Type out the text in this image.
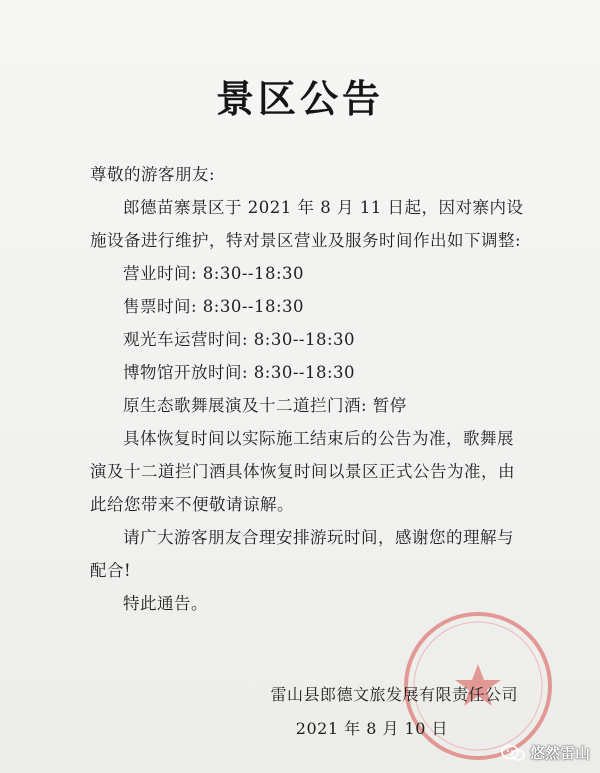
景区公告

尊敬的游客朋友:

郎德苗寨景区于 2021 年 8 月 11 日起，因对寨内设施设备进行维护，特对景区营业及服务时间作出如下调整:

营业时间: 8:30--18:30

售票时间: 8:30--18:30

观光车运营时间: 8:30--18:30

博物馆开放时间: 8:30--18:30

原生态歌舞展演及十二道拦门酒: 暂停

具体恢复时间以实际施工结束后的公告为准，歌舞展演及十二道拦门酒具体恢复时间以景区正式公告为准，由此给您带来不便敬请谅解。

请广大游客朋友合理安排游玩时间，感谢您的理解与配合!

特此通告。

雷山县郎德文旅发展有限责任公司
2021 年 8 月 10 日
悠然雷山
